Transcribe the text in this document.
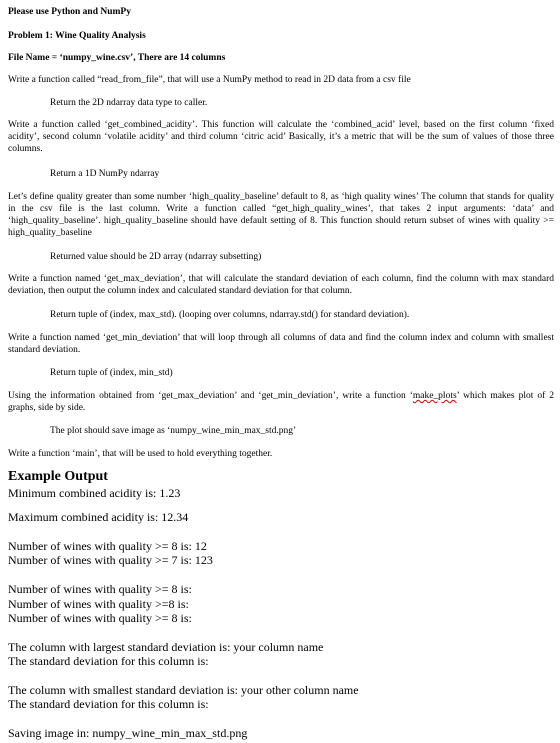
Please use Python and NumPy
Problem 1: Wine Quality Analysis
File Name = ‘numpy_wine.csv’, There are 14 columns
Write a function called “read_from_file”, that will use a NumPy method to read in 2D data from a csv file
Return the 2D ndarray data type to caller.
Write a function called ‘get_combined_acidity’. This function will calculate the ‘combined_acid’ level, based on the first column ‘fixed acidity’, second column ‘volatile acidity’ and third column ‘citric acid’ Basically, it’s a metric that will be the sum of values of those three columns.
Return a 1D NumPy ndarray
Let’s define quality greater than some number ‘high_quality_baseline’ default to 8, as ‘high quality wines’ The column that stands for quality in the csv file is the last column. Write a function called “get_high_quality_wines’, that takes 2 input arguments: ‘data’ and ‘high_quality_baseline’. high_quality_baseline should have default setting of 8. This function should return subset of wines with quality >= high_quality_baseline
Returned value should be 2D array (ndarray subsetting)
Write a function named ‘get_max_deviation’, that will calculate the standard deviation of each column, find the column with max standard deviation, then output the column index and calculated standard deviation for that column.
Return tuple of (index, max_std). (looping over columns, ndarray.std() for standard deviation).
Write a function named ‘get_min_deviation’ that will loop through all columns of data and find the column index and column with smallest standard deviation.
Return tuple of (index, min_std)
Using the information obtained from ‘get_max_deviation’ and ‘get_min_deviation’, write a function ‘make_plots’ which makes plot of 2 graphs, side by side.
The plot should save image as ‘numpy_wine_min_max_std.png’
Write a function ‘main’, that will be used to hold everything together.
Example Output
Minimum combined acidity is: 1.23
Maximum combined acidity is: 12.34
Number of wines with quality >= 8 is: 12
Number of wines with quality >= 7 is: 123
Number of wines with quality >= 8 is:
Number of wines with quality >=8 is:
Number of wines with quality >= 8 is:
The column with largest standard deviation is: your column name
The standard deviation for this column is:
The column with smallest standard deviation is: your other column name
The standard deviation for this column is:
Saving image in: numpy_wine_min_max_std.png
